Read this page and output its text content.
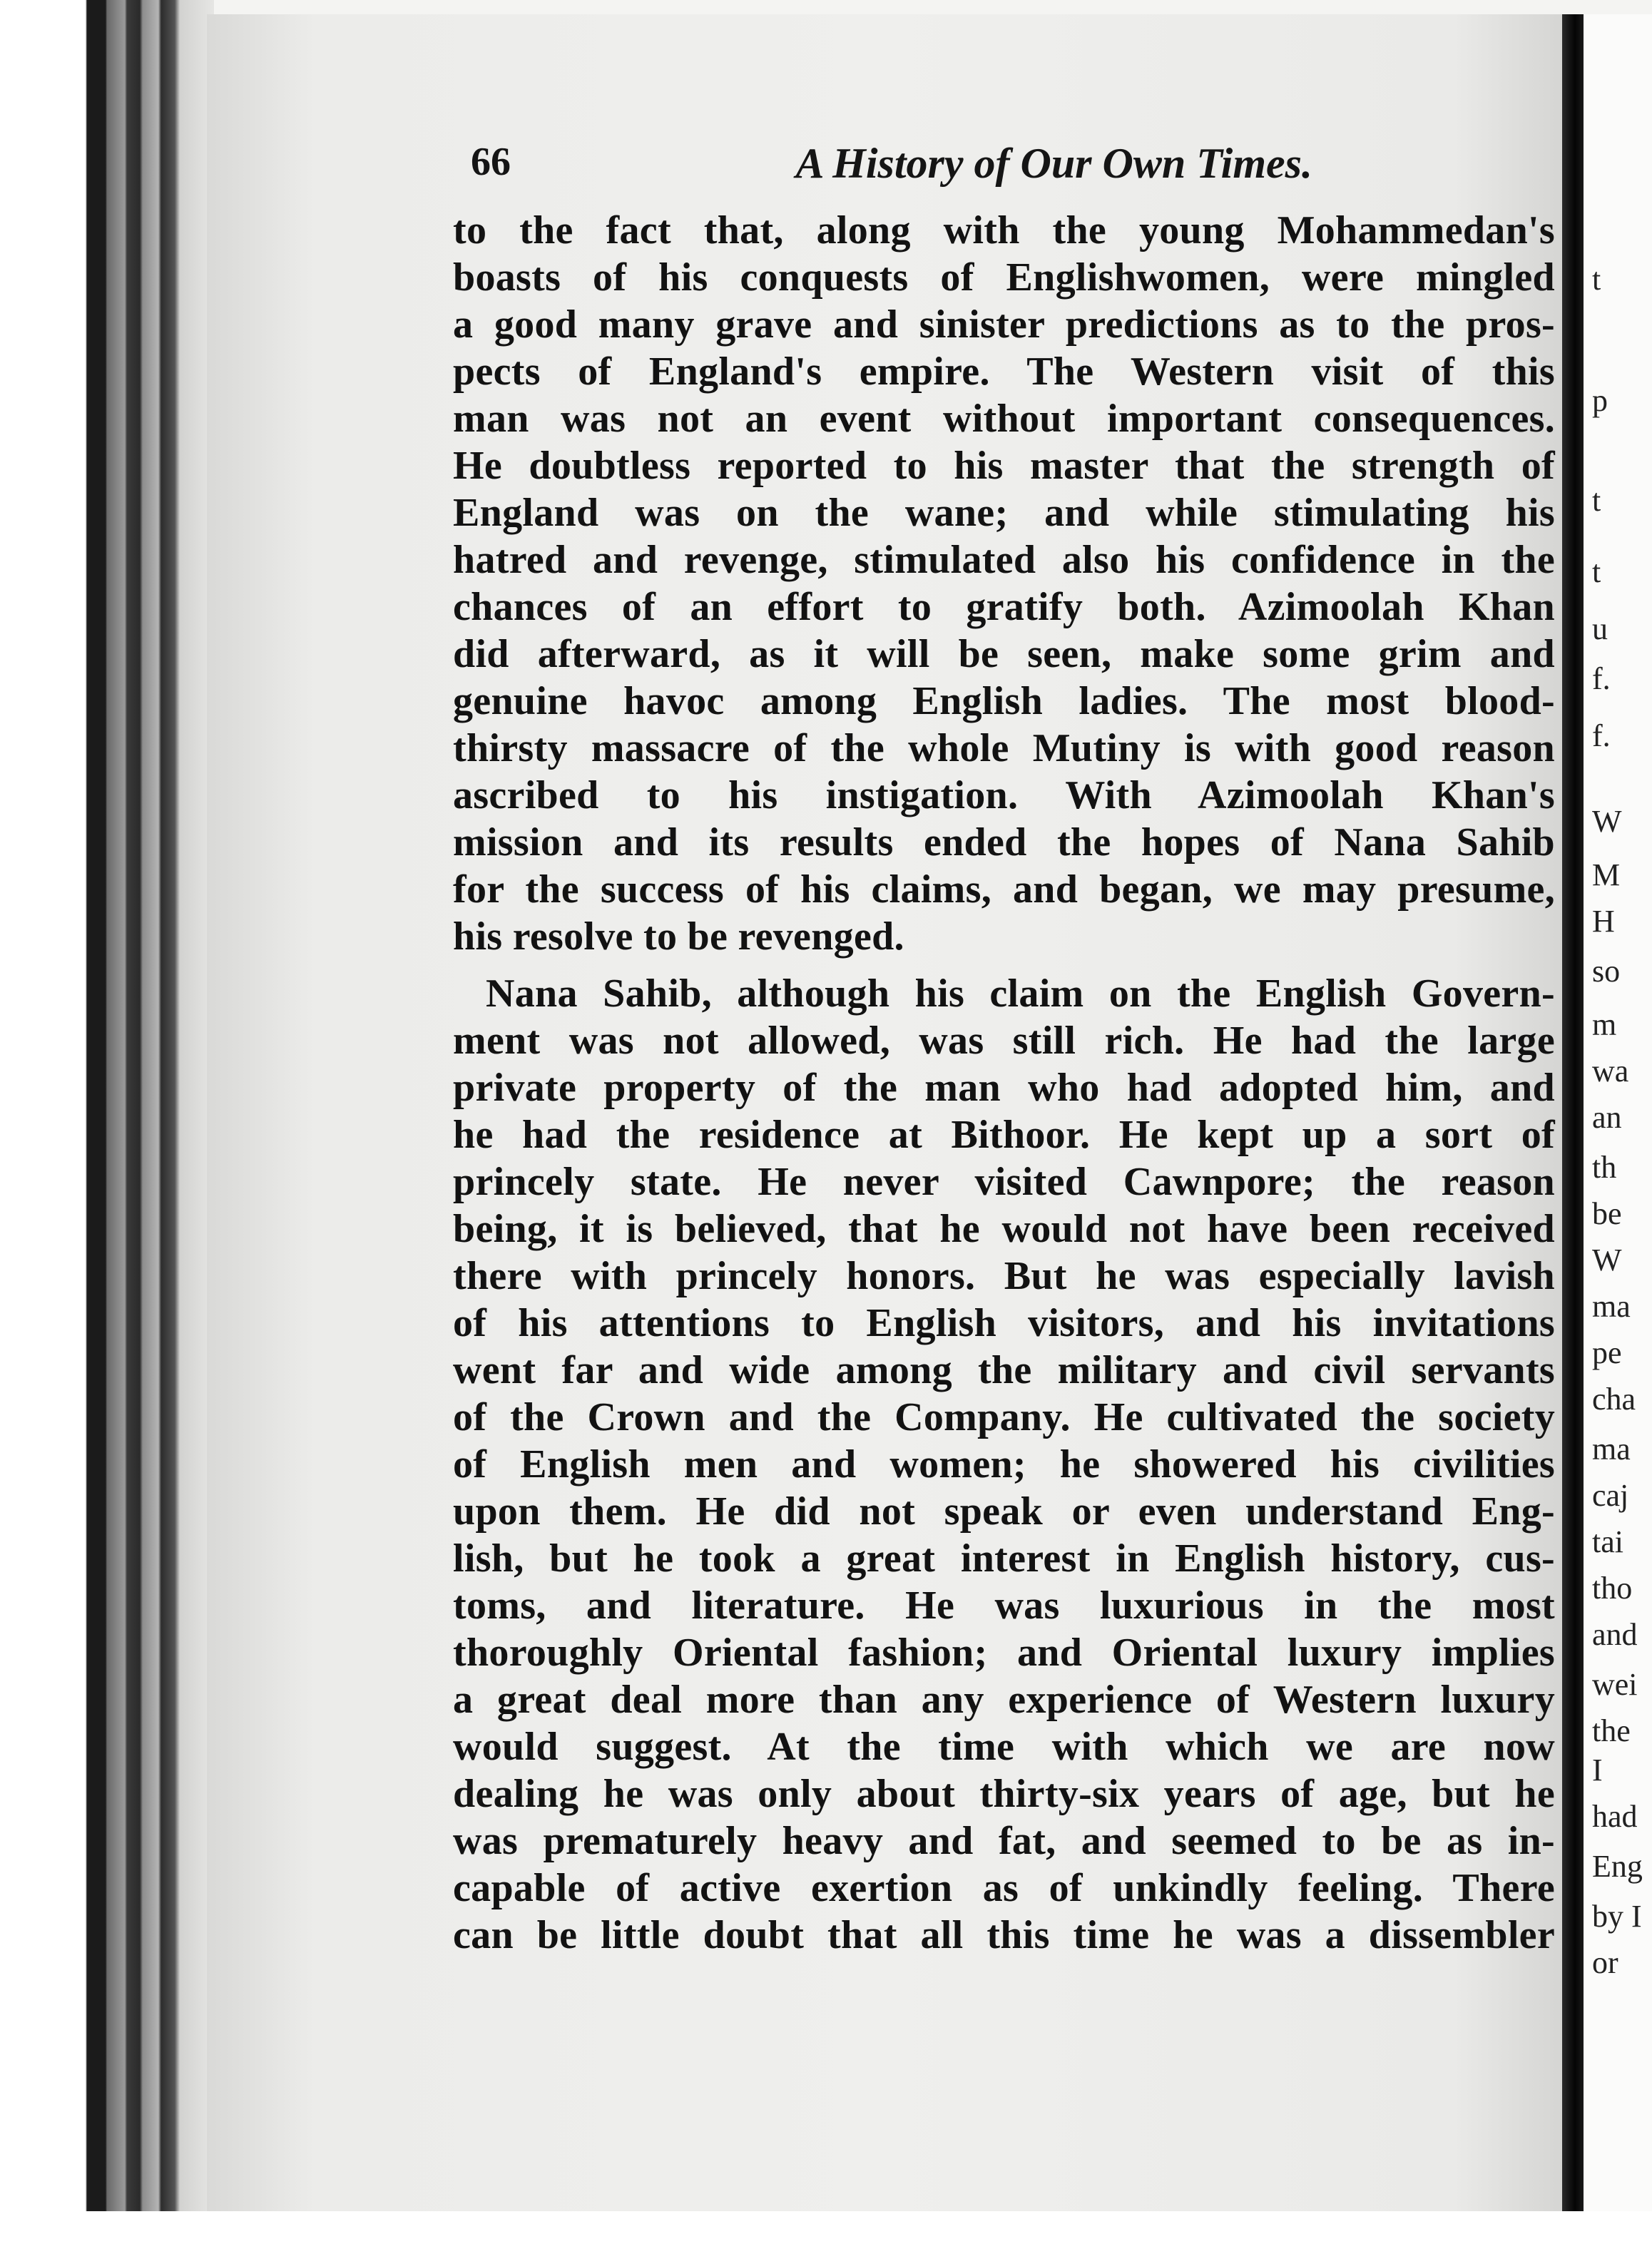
t
p
t
t
u
f.
f.
W
M
H
so
m
wa
an
th
be
W
ma
pe
cha
ma
caj
tai
tho
and
wei
the
I
had
Eng
by I
or
66	A History of Our Own Times.
to the fact that, along with the young Mohammedan's
boasts of his conquests of Englishwomen, were mingled
a good many grave and sinister predictions as to the pros-
pects of England's empire. The Western visit of this
man was not an event without important consequences.
He doubtless reported to his master that the strength of
England was on the wane; and while stimulating his
hatred and revenge, stimulated also his confidence in the
chances of an effort to gratify both. Azimoolah Khan
did afterward, as it will be seen, make some grim and
genuine havoc among English ladies. The most blood-
thirsty massacre of the whole Mutiny is with good reason
ascribed to his instigation. With Azimoolah Khan's
mission and its results ended the hopes of Nana Sahib
for the success of his claims, and began, we may presume,
his resolve to be revenged.
Nana Sahib, although his claim on the English Govern-
ment was not allowed, was still rich. He had the large
private property of the man who had adopted him, and
he had the residence at Bithoor. He kept up a sort of
princely state. He never visited Cawnpore; the reason
being, it is believed, that he would not have been received
there with princely honors. But he was especially lavish
of his attentions to English visitors, and his invitations
went far and wide among the military and civil servants
of the Crown and the Company. He cultivated the society
of English men and women; he showered his civilities
upon them. He did not speak or even understand Eng-
lish, but he took a great interest in English history, cus-
toms, and literature. He was luxurious in the most
thoroughly Oriental fashion; and Oriental luxury implies
a great deal more than any experience of Western luxury
would suggest. At the time with which we are now
dealing he was only about thirty-six years of age, but he
was prematurely heavy and fat, and seemed to be as in-
capable of active exertion as of unkindly feeling. There
can be little doubt that all this time he was a dissembler
